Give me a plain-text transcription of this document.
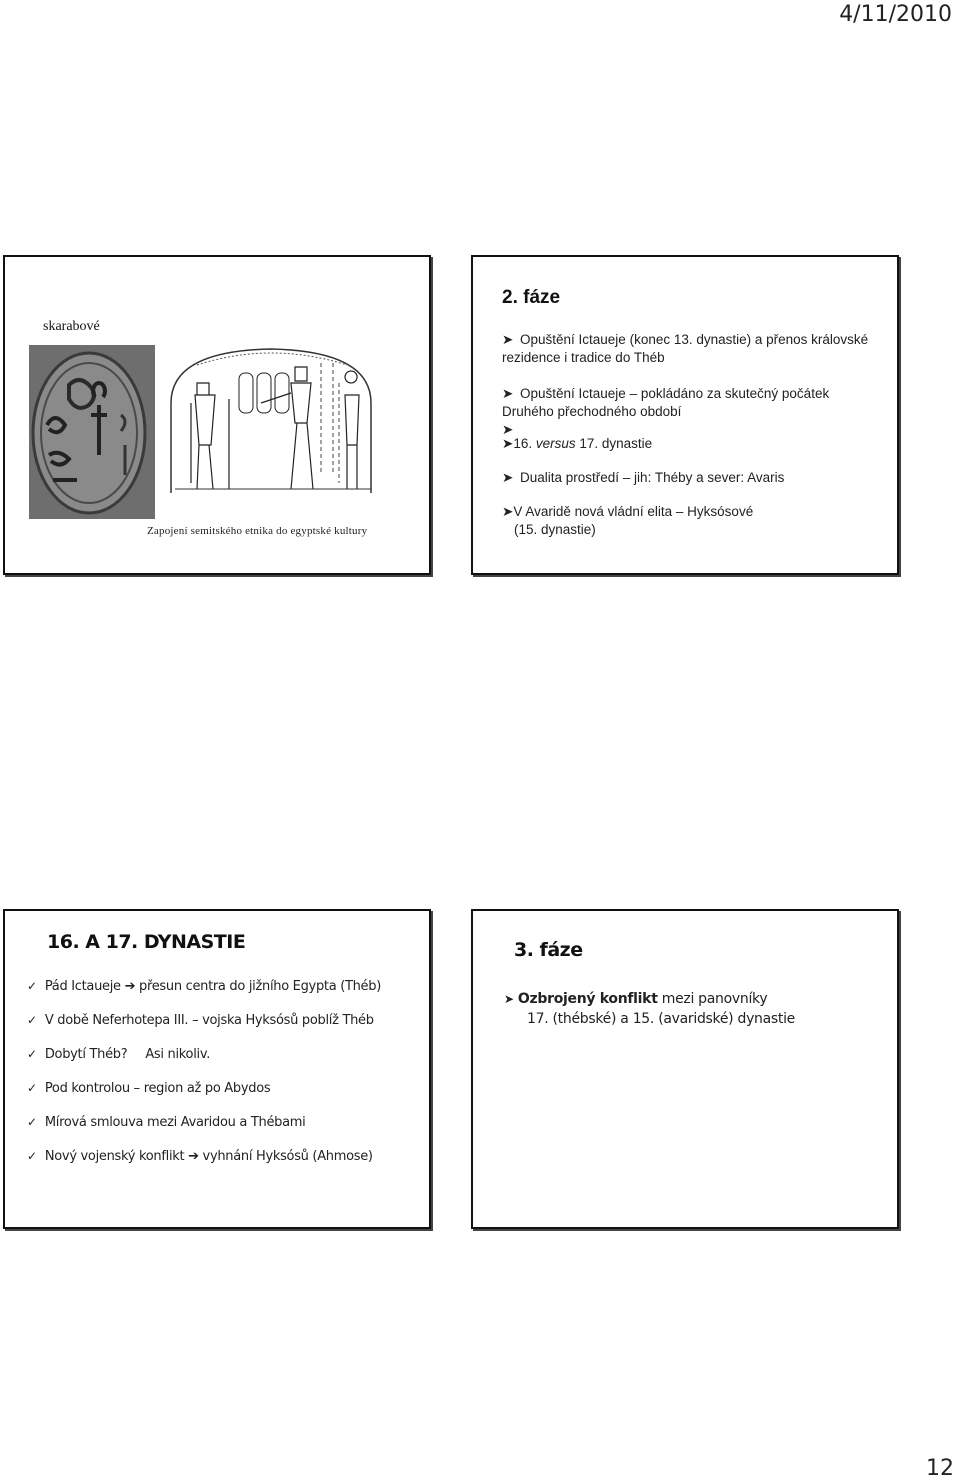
4/11/2010
skarabové
Zapojení semitského etnika do egyptské kultury
2. fáze
➤ Opuštění Ictaueje (konec 13. dynastie) a přenos královské
rezidence i tradice do Théb
➤ Opuštění Ictaueje – pokládáno za skutečný počátek
Druhého přechodného období
➤
➤16. versus 17. dynastie
➤ Dualita prostředí – jih: Théby a sever: Avaris
➤V Avaridě nová vládní elita – Hyksósové
(15. dynastie)
16. A 17. DYNASTIE
✓ Pád Ictaueje ➔ přesun centra do jižního Egypta (Théb)
✓ V době Neferhotepa III. – vojska Hyksósů poblíž Théb
✓ Dobytí Théb? Asi nikoliv.
✓ Pod kontrolou – region až po Abydos
✓ Mírová smlouva mezi Avaridou a Thébami
✓ Nový vojenský konflikt ➔ vyhnání Hyksósů (Ahmose)
3. fáze
➤ Ozbrojený konflikt mezi panovníky
17. (thébské) a 15. (avaridské) dynastie
12
